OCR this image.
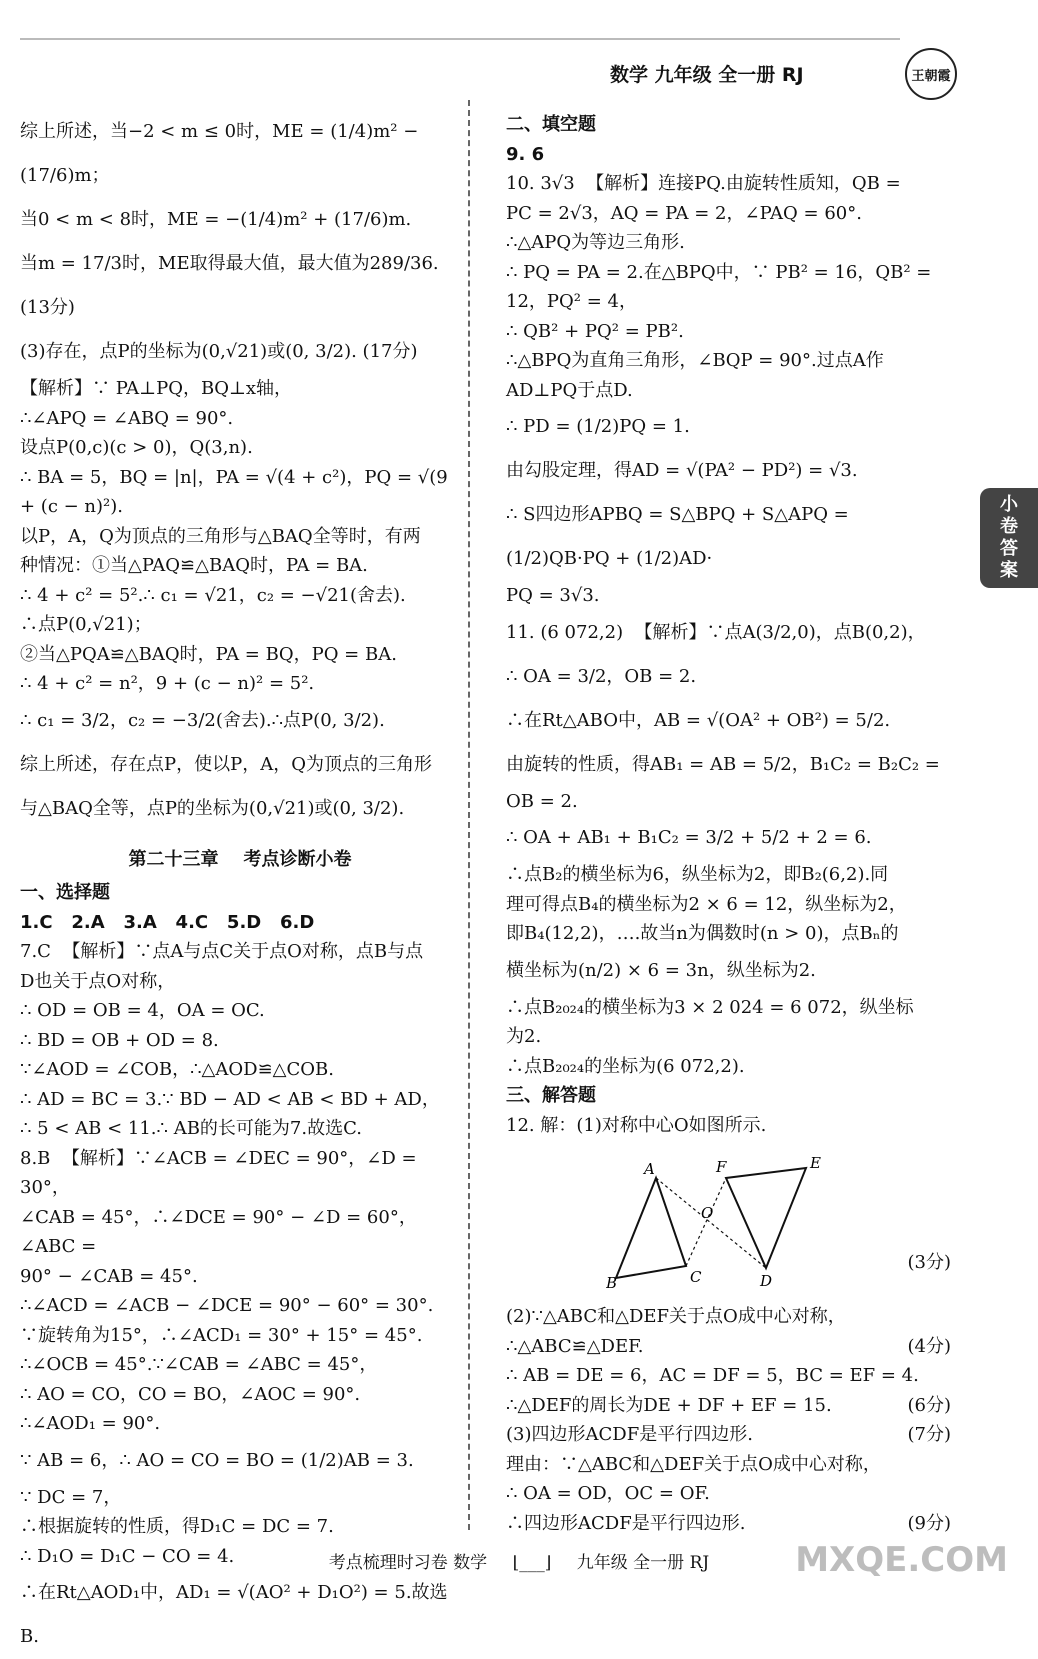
数学 九年级 全一册 RJ	王朝霞
小
卷
答
案

综上所述，当−2 < m ≤ 0时，ME = (1/4)m² − (17/6)m；

当0 < m < 8时，ME = −(1/4)m² + (17/6)m.

当m = 17/3时，ME取得最大值，最大值为289/36. (13分)

(3)存在，点P的坐标为(0,√21)或(0, 3/2). (17分)

【解析】∵ PA⊥PQ，BQ⊥x轴，

∴∠APQ = ∠ABQ = 90°.

设点P(0,c)(c > 0)，Q(3,n).

∴ BA = 5，BQ = |n|，PA = √(4 + c²)，PQ = √(9 + (c − n)²).

以P，A，Q为顶点的三角形与△BAQ全等时，有两

种情况：①当△PAQ≌△BAQ时，PA = BA.

∴ 4 + c² = 5².∴ c₁ = √21，c₂ = −√21(舍去).

∴点P(0,√21)；

②当△PQA≌△BAQ时，PA = BQ，PQ = BA.

∴ 4 + c² = n²，9 + (c − n)² = 5².

∴ c₁ = 3/2，c₂ = −3/2(舍去).∴点P(0, 3/2).

综上所述，存在点P，使以P，A，Q为顶点的三角形

与△BAQ全等，点P的坐标为(0,√21)或(0, 3/2).

第二十三章    考点诊断小卷

一、选择题

1.C   2.A   3.A   4.C   5.D   6.D

7.C  【解析】∵点A与点C关于点O对称，点B与点

D也关于点O对称，

∴ OD = OB = 4，OA = OC.

∴ BD = OB + OD = 8.

∵∠AOD = ∠COB，∴△AOD≌△COB.

∴ AD = BC = 3.∵ BD − AD < AB < BD + AD，

∴ 5 < AB < 11.∴ AB的长可能为7.故选C.

8.B  【解析】∵∠ACB = ∠DEC = 90°，∠D = 30°，

∠CAB = 45°，∴∠DCE = 90° − ∠D = 60°，∠ABC =

90° − ∠CAB = 45°.

∴∠ACD = ∠ACB − ∠DCE = 90° − 60° = 30°.

∵旋转角为15°，∴∠ACD₁ = 30° + 15° = 45°.

∴∠OCB = 45°.∵∠CAB = ∠ABC = 45°，

∴ AO = CO，CO = BO，∠AOC = 90°.

∴∠AOD₁ = 90°.

∵ AB = 6，∴ AO = CO = BO = (1/2)AB = 3.

∵ DC = 7，

∴根据旋转的性质，得D₁C = DC = 7.

∴ D₁O = D₁C − CO = 4.

∴在Rt△AOD₁中，AD₁ = √(AO² + D₁O²) = 5.故选B.

二、填空题

9. 6

10. 3√3  【解析】连接PQ.由旋转性质知，QB =

PC = 2√3，AQ = PA = 2，∠PAQ = 60°.

∴△APQ为等边三角形.

∴ PQ = PA = 2.在△BPQ中，∵ PB² = 16，QB² =

12，PQ² = 4，

∴ QB² + PQ² = PB².

∴△BPQ为直角三角形，∠BQP = 90°.过点A作

AD⊥PQ于点D.

∴ PD = (1/2)PQ = 1.

由勾股定理，得AD = √(PA² − PD²) = √3.

∴ S四边形APBQ = S△BPQ + S△APQ = (1/2)QB·PQ + (1/2)AD·

PQ = 3√3.

11. (6 072,2)  【解析】∵点A(3/2,0)，点B(0,2)，

∴ OA = 3/2，OB = 2.

∴在Rt△ABO中，AB = √(OA² + OB²) = 5/2.

由旋转的性质，得AB₁ = AB = 5/2，B₁C₂ = B₂C₂ =

OB = 2.

∴ OA + AB₁ + B₁C₂ = 3/2 + 5/2 + 2 = 6.

∴点B₂的横坐标为6，纵坐标为2，即B₂(6,2).同

理可得点B₄的横坐标为2 × 6 = 12，纵坐标为2，

即B₄(12,2)，….故当n为偶数时(n > 0)，点Bₙ的

横坐标为(n/2) × 6 = 3n，纵坐标为2.

∴点B₂₀₂₄的横坐标为3 × 2 024 = 6 072，纵坐标

为2.

∴点B₂₀₂₄的坐标为(6 072,2).

三、解答题

12. 解：(1)对称中心O如图所示.

A
B	C
O
F	E
D
(3分)

(2)∵△ABC和△DEF关于点O成中心对称，

∴△ABC≌△DEF.	(4分)

∴ AB = DE = 6，AC = DF = 5，BC = EF = 4.

∴△DEF的周长为DE + DF + EF = 15.	(6分)

(3)四边形ACDF是平行四边形.	(7分)

理由：∵△ABC和△DEF关于点O成中心对称，

∴ OA = OD，OC = OF.

∴四边形ACDF是平行四边形.	(9分)

考点梳理时习卷 数学 ⌊___⌋ 九年级 全一册 RJ	MXQE.COM
